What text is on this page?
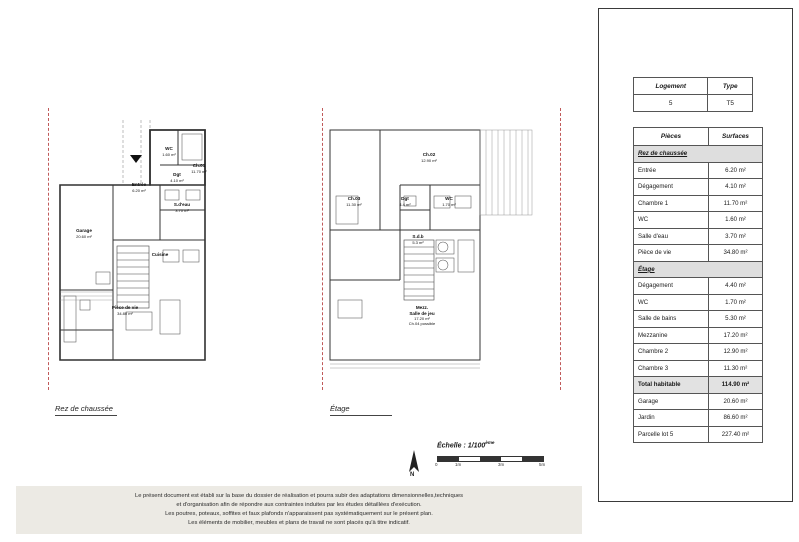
Garage
20.60 m²
Entrée
6.20 m²
Cuisine
Pièce de vie
34.80 m²
Ch.01
11.70 m²
Dgt
4.10 m²
S.d'eau
3.70 m²
WC
1.60 m²	Ch.02
12.90 m²
Ch.03
11.30 m²
Dgt
4.4 m²
WC
1.70 m²
S.d.b
5.3 m²
Mezz.
Salle de jeu
17.20 m²
Ch.04 possible
Rez de chaussée	Étage
N
Échelle : 1/100ème
0	1m	3m	5m
Le présent document est établi sur la base du dossier de réalisation et pourra subir des adaptations dimensionnelles,techniques
et d'organisation afin de répondre aux contraintes induites par les études détaillées d'exécution.
Les poutres, poteaux, soffites et faux plafonds n'apparaissent pas systématiquement sur le présent plan.
Les éléments de mobilier, meubles et plans de travail ne sont placés qu'à titre indicatif.
Logement	Type
5	T5
Pièces	Surfaces
Rez de chaussée	
Entrée	6.20 m²
Dégagement	4.10 m²
Chambre 1	11.70 m²
WC	1.60 m²
Salle d'eau	3.70 m²
Pièce de vie	34.80 m²
Étage	
Dégagement	4.40 m²
WC	1.70 m²
Salle de bains	5.30 m²
Mezzanine	17.20 m²
Chambre 2	12.90 m²
Chambre 3	11.30 m²
Total habitable	114.90 m²
Garage	20.60 m²
Jardin	86.60 m²
Parcelle lot 5	227.40 m²
